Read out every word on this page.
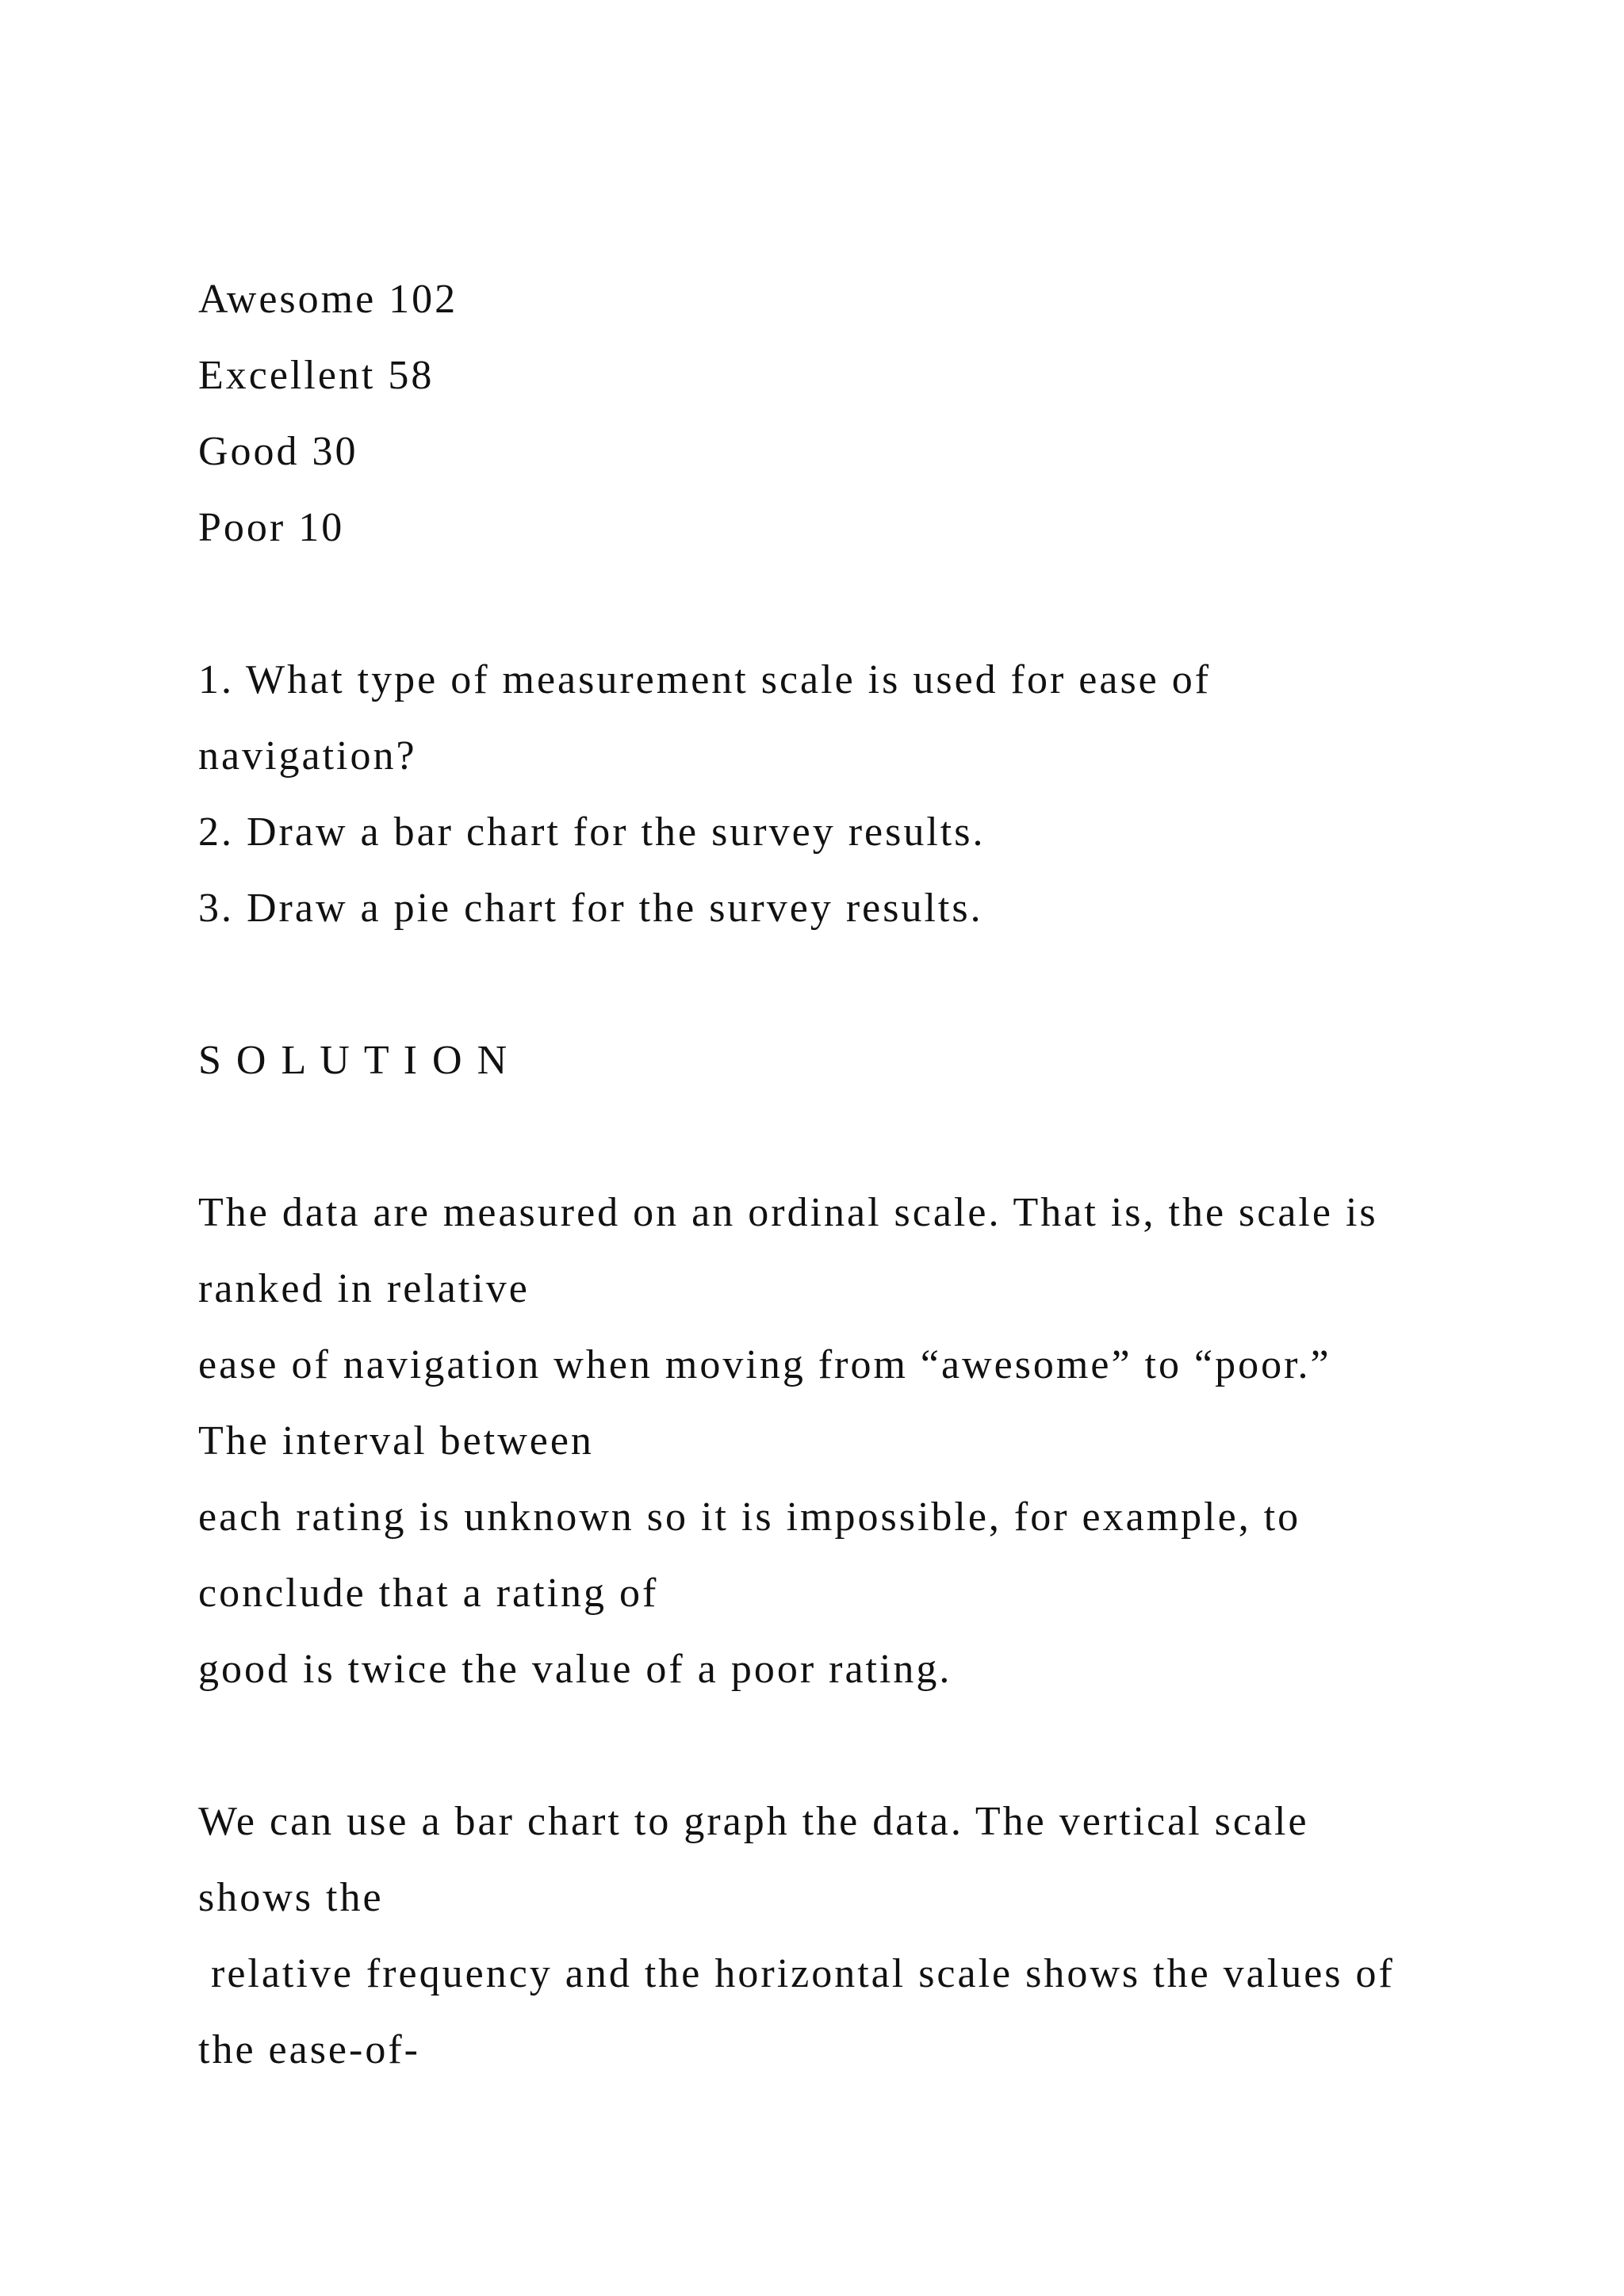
Awesome 102
Excellent 58
Good 30
Poor 10
1. What type of measurement scale is used for ease of
navigation?
2. Draw a bar chart for the survey results.
3. Draw a pie chart for the survey results.
S O L U T I O N
The data are measured on an ordinal scale. That is, the scale is
ranked in relative
ease of navigation when moving from “awesome” to “poor.”
The interval between
each rating is unknown so it is impossible, for example, to
conclude that a rating of
good is twice the value of a poor rating.
We can use a bar chart to graph the data. The vertical scale
shows the
relative frequency and the horizontal scale shows the values of
the ease-of-
